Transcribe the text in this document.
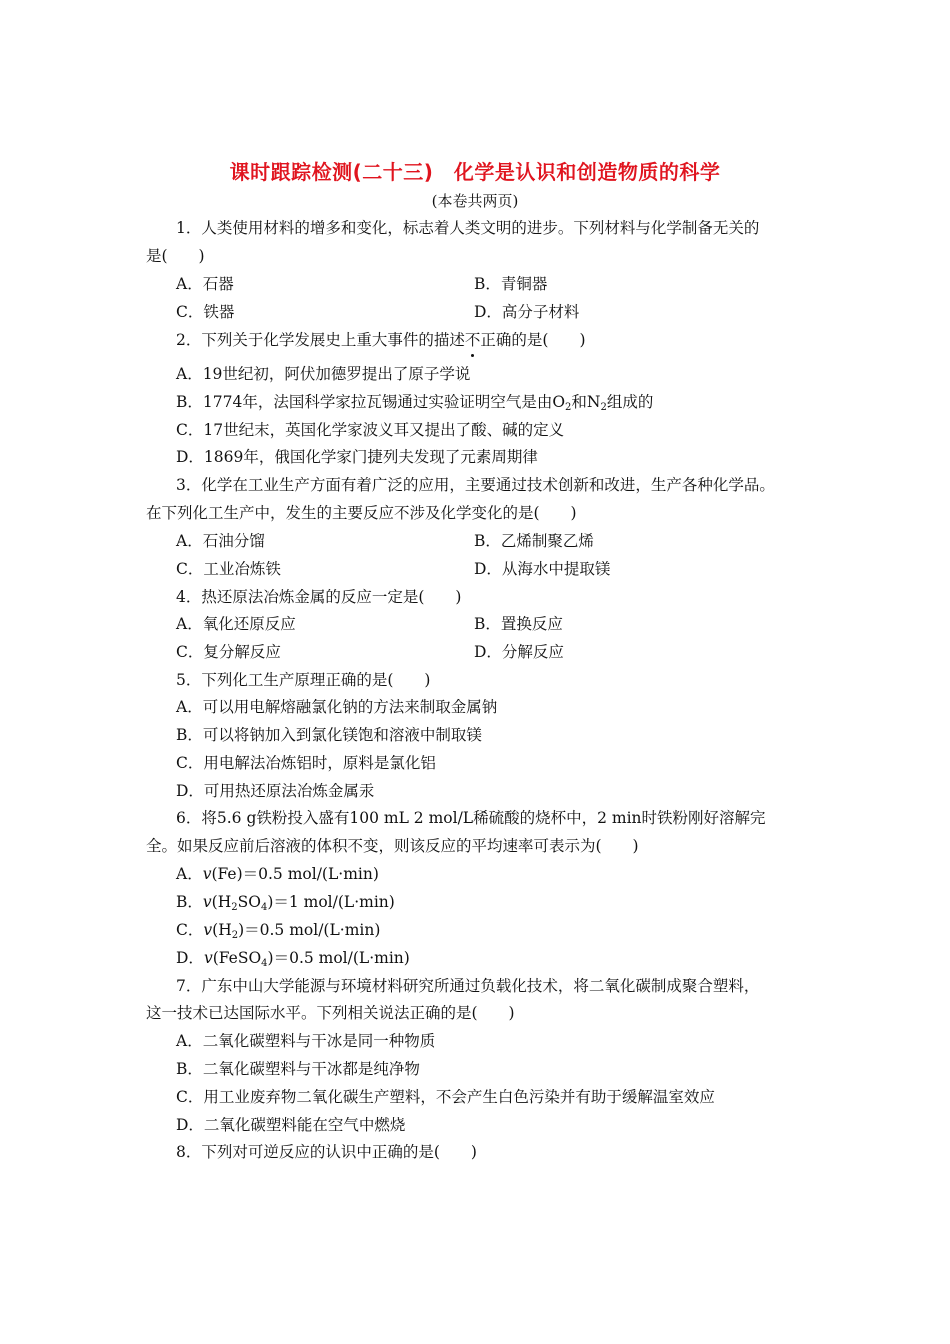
课时跟踪检测(二十三)　化学是认识和创造物质的科学
(本卷共两页)
1．人类使用材料的增多和变化，标志着人类文明的进步。下列材料与化学制备无关的
是(　　)
A．石器	B．青铜器
C．铁器	D．高分子材料
2．下列关于化学发展史上重大事件的描述不正确的是(　　)
A．19世纪初，阿伏加德罗提出了原子学说
B．1774年，法国科学家拉瓦锡通过实验证明空气是由$O_2$和$N_2$组成的
C．17世纪末，英国化学家波义耳又提出了酸、碱的定义
D．1869年，俄国化学家门捷列夫发现了元素周期律
3．化学在工业生产方面有着广泛的应用，主要通过技术创新和改进，生产各种化学品。
在下列化工生产中，发生的主要反应不涉及化学变化的是(　　)
A．石油分馏	B．乙烯制聚乙烯
C．工业冶炼铁	D．从海水中提取镁
4．热还原法冶炼金属的反应一定是(　　)
A．氧化还原反应	B．置换反应
C．复分解反应	D．分解反应
5．下列化工生产原理正确的是(　　)
A．可以用电解熔融氯化钠的方法来制取金属钠
B．可以将钠加入到氯化镁饱和溶液中制取镁
C．用电解法冶炼铝时，原料是氯化铝
D．可用热还原法冶炼金属汞
6．将5.6 g铁粉投入盛有100 mL 2 mol/L稀硫酸的烧杯中，2 min时铁粉刚好溶解完
全。如果反应前后溶液的体积不变，则该反应的平均速率可表示为(　　)
A．v(Fe)＝0.5 mol/(L·min)
B．$v(H_2SO_4)=1$ mol/(L·min)
C．$v(H_2)=0.5$ mol/(L·min)
D．v(FeSO$_4$)＝0.5 mol/(L·min)
7．广东中山大学能源与环境材料研究所通过负载化技术，将二氧化碳制成聚合塑料，
这一技术已达国际水平。下列相关说法正确的是(　　)
A．二氧化碳塑料与干冰是同一种物质
B．二氧化碳塑料与干冰都是纯净物
C．用工业废弃物二氧化碳生产塑料，不会产生白色污染并有助于缓解温室效应
D．二氧化碳塑料能在空气中燃烧
8．下列对可逆反应的认识中正确的是(　　)
